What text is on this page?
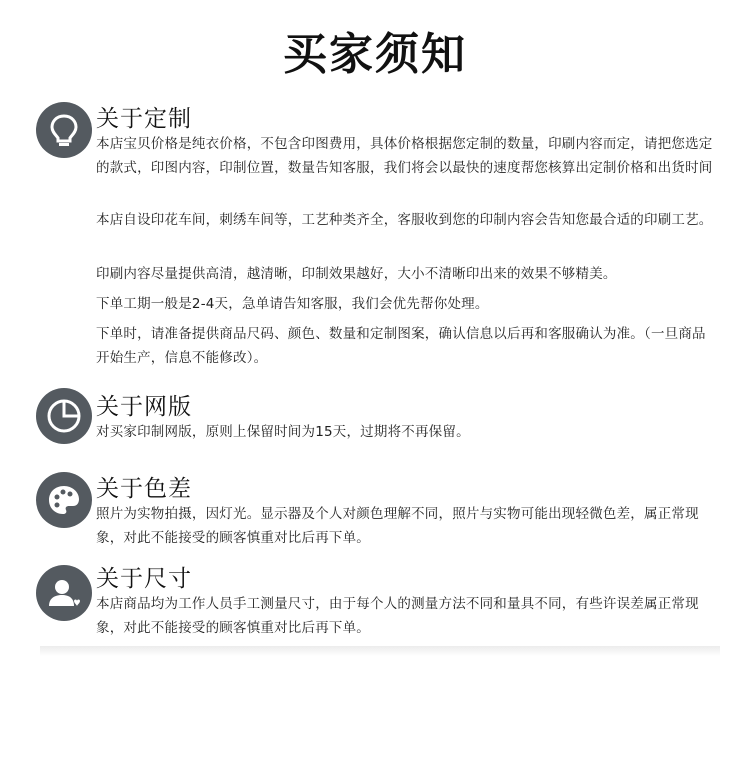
买家须知
关于定制
本店宝贝价格是纯衣价格，不包含印图费用，具体价格根据您定制的数量，印刷内容而定，请把您选定的款式，印图内容，印制位置，数量告知客服，我们将会以最快的速度帮您核算出定制价格和出货时间
本店自设印花车间，刺绣车间等，工艺种类齐全，客服收到您的印制内容会告知您最合适的印刷工艺。
印刷内容尽量提供高清，越清晰，印制效果越好，大小不清晰印出来的效果不够精美。
下单工期一般是2-4天，急单请告知客服，我们会优先帮你处理。
下单时，请准备提供商品尺码、颜色、数量和定制图案，确认信息以后再和客服确认为准。（一旦商品开始生产，信息不能修改）。
关于网版
对买家印制网版，原则上保留时间为15天，过期将不再保留。
关于色差
照片为实物拍摄，因灯光。显示器及个人对颜色理解不同，照片与实物可能出现轻微色差，属正常现象，对此不能接受的顾客慎重对比后再下单。
关于尺寸
本店商品均为工作人员手工测量尺寸，由于每个人的测量方法不同和量具不同，有些许误差属正常现象，对此不能接受的顾客慎重对比后再下单。
